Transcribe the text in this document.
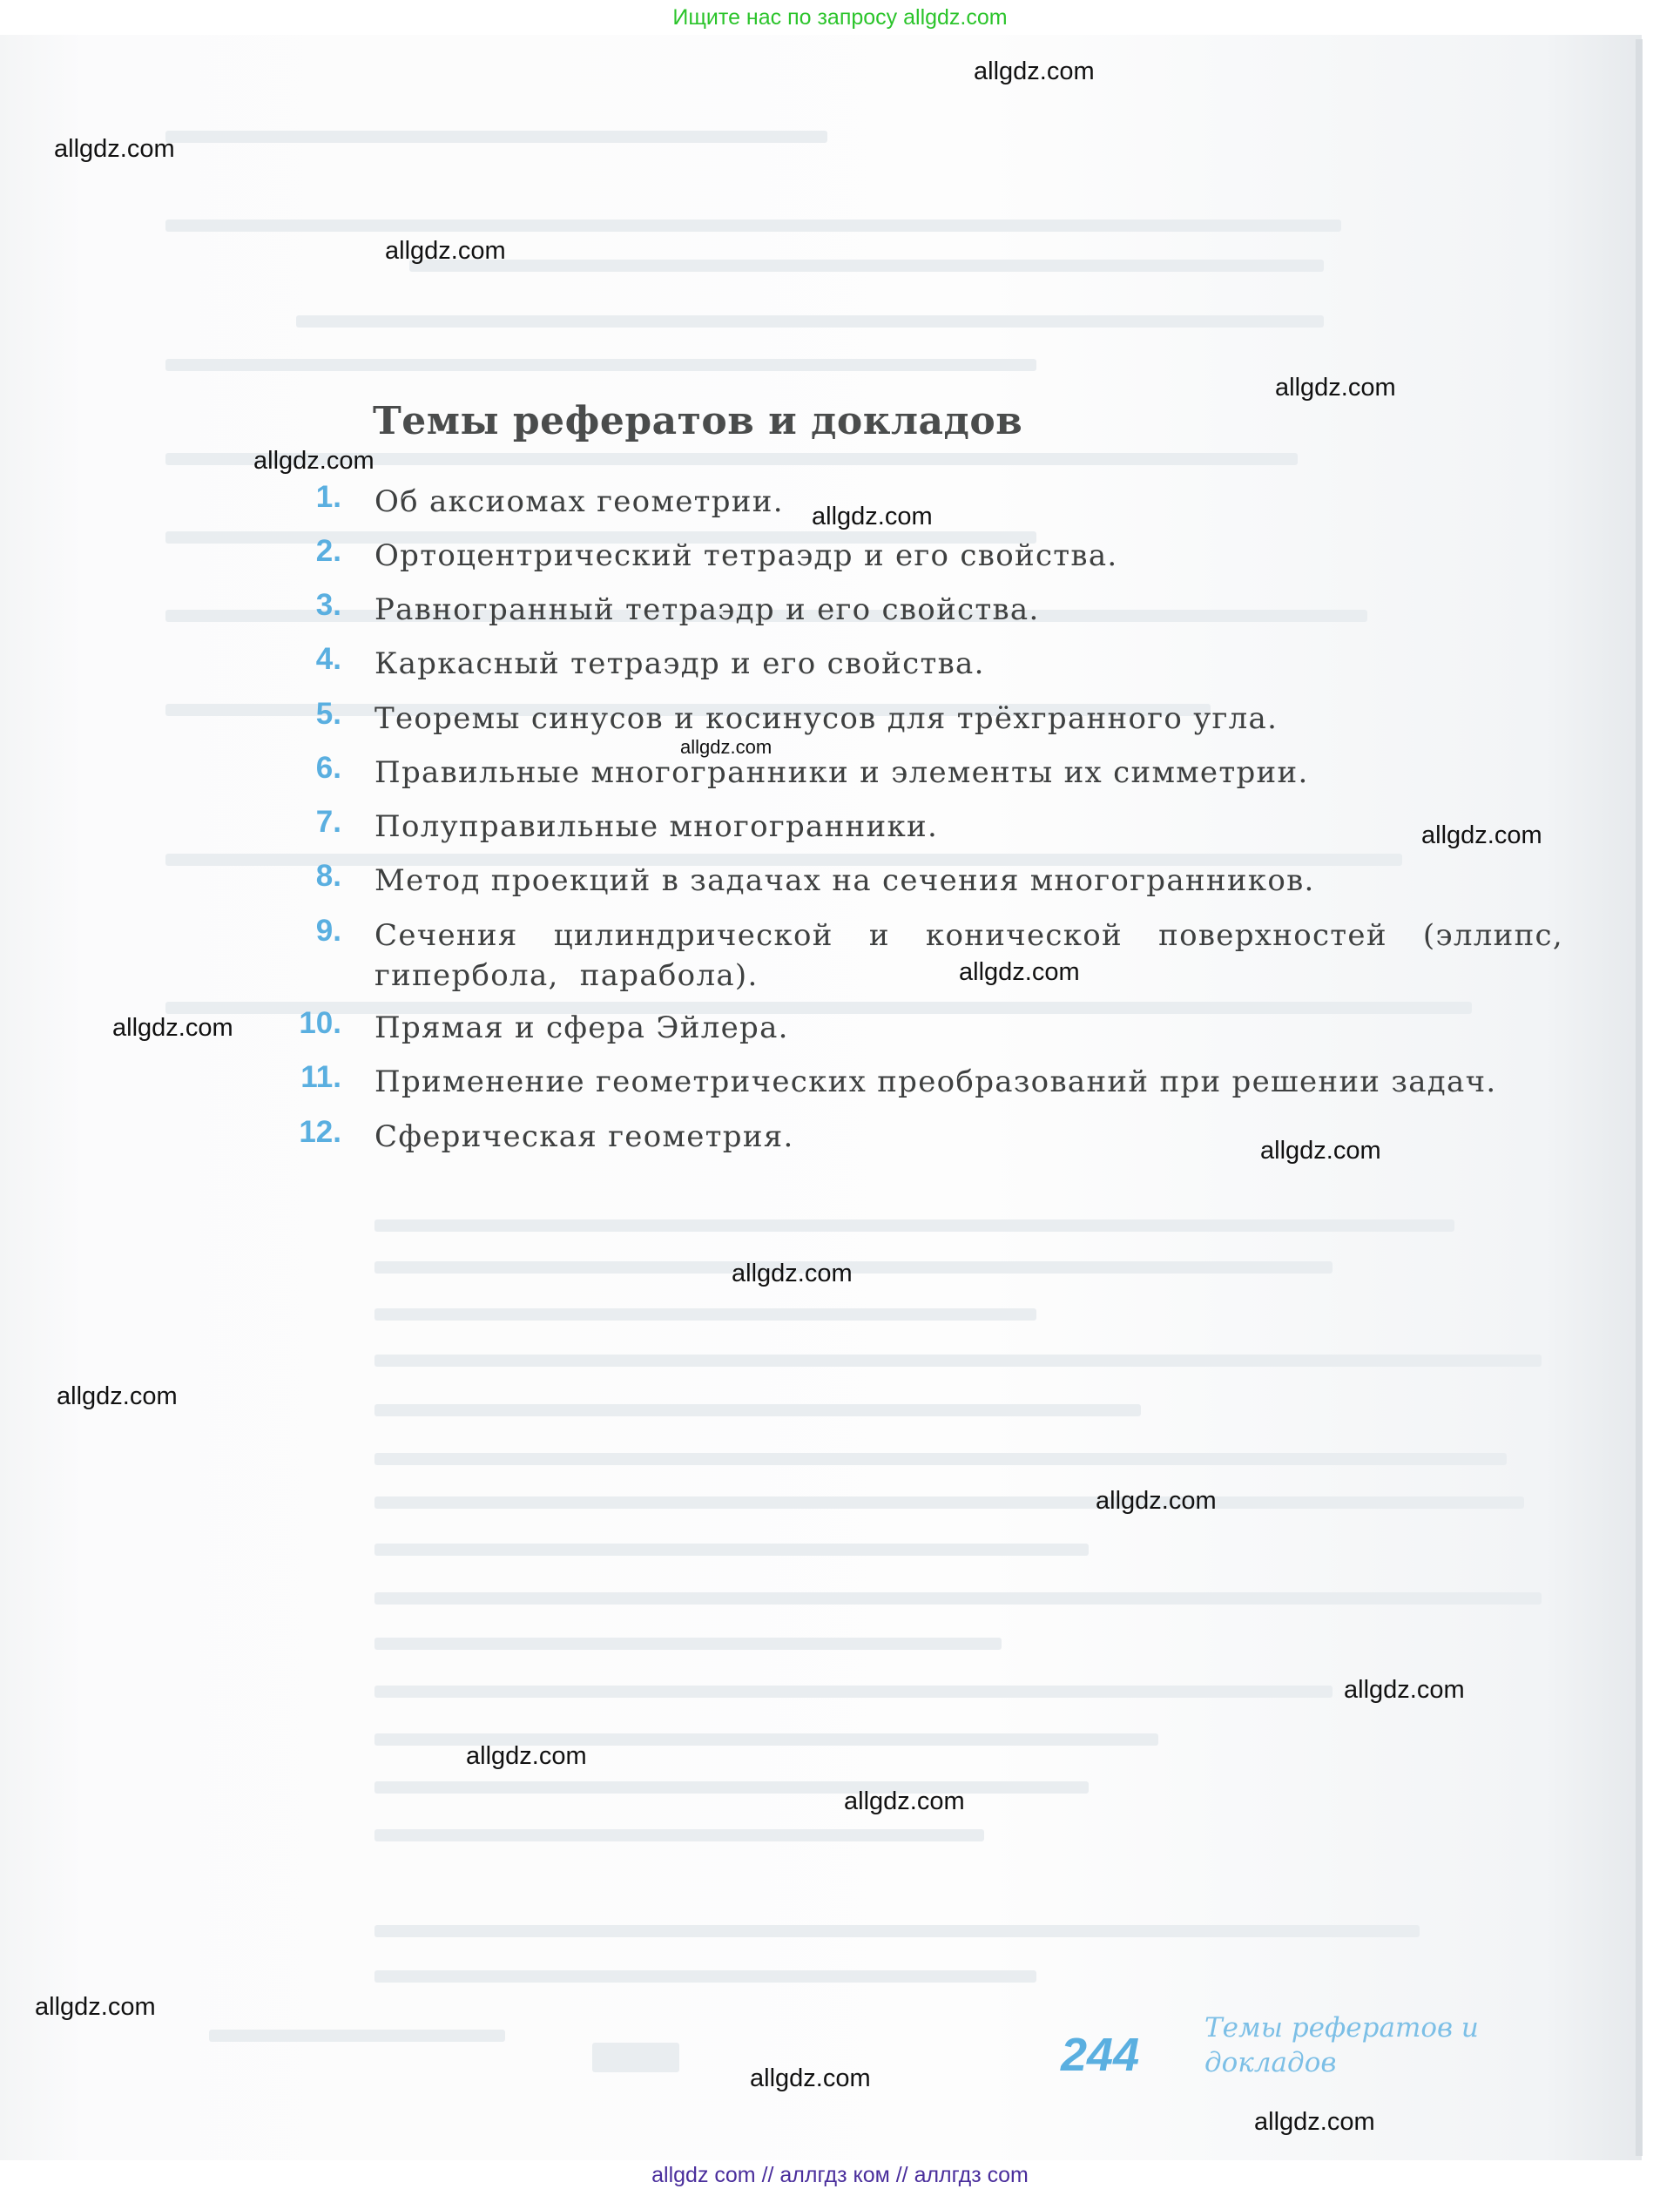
Ищите нас по запросу allgdz.com
Темы рефератов и докладов
1. Об аксиомах геометрии.
2. Ортоцентрический тетраэдр и его свойства.
3. Равногранный тетраэдр и его свойства.
4. Каркасный тетраэдр и его свойства.
5. Теоремы синусов и косинусов для трёхгранного угла.
6. Правильные многогранники и элементы их симметрии.
7. Полуправильные многогранники.
8. Метод проекций в задачах на сечения многогранников.
9. Сечения цилиндрической и конической поверхностей (эллипс, гипербола, парабола).
10. Прямая и сфера Эйлера.
11. Применение геометрических преобразований при решении задач.
12. Сферическая геометрия.
allgdz.com
allgdz.com
allgdz.com
allgdz.com
allgdz.com
allgdz.com
allgdz.com
allgdz.com
allgdz.com
allgdz.com
allgdz.com
allgdz.com
allgdz.com
allgdz.com
allgdz.com
allgdz.com
allgdz.com
allgdz.com
allgdz.com
allgdz.com
244
Темы рефератов и докладов
allgdz com // аллгдз ком // аллгдз com
